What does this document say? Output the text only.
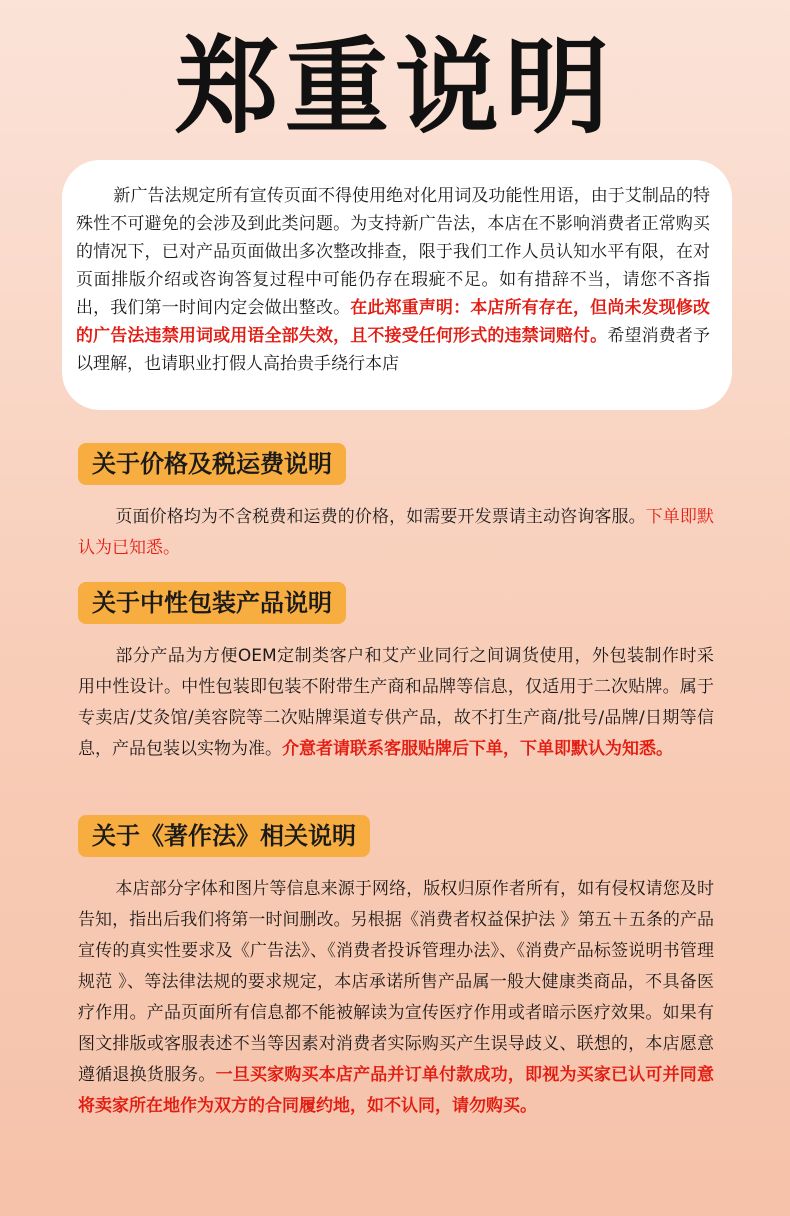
郑重说明

新广告法规定所有宣传页面不得使用绝对化用词及功能性用语，由于艾制品的特殊性不可避免的会涉及到此类问题。为支持新广告法，本店在不影响消费者正常购买的情况下，已对产品页面做出多次整改排查，限于我们工作人员认知水平有限，在对页面排版介绍或咨询答复过程中可能仍存在瑕疵不足。如有措辞不当，请您不吝指出，我们第一时间内定会做出整改。在此郑重声明：本店所有存在，但尚未发现修改的广告法违禁用词或用语全部失效，且不接受任何形式的违禁词赔付。希望消费者予以理解，也请职业打假人高抬贵手绕行本店

关于价格及税运费说明

页面价格均为不含税费和运费的价格，如需要开发票请主动咨询客服。下单即默认为已知悉。

关于中性包装产品说明

部分产品为方便OEM定制类客户和艾产业同行之间调货使用，外包装制作时采用中性设计。中性包装即包装不附带生产商和品牌等信息，仅适用于二次贴牌。属于专卖店/艾灸馆/美容院等二次贴牌渠道专供产品，故不打生产商/批号/品牌/日期等信息，产品包装以实物为准。介意者请联系客服贴牌后下单，下单即默认为知悉。

关于《著作法》相关说明

本店部分字体和图片等信息来源于网络，版权归原作者所有，如有侵权请您及时告知，指出后我们将第一时间删改。另根据《消费者权益保护法 》第五＋五条的产品宣传的真实性要求及《广告法》、《消费者投诉管理办法》、《消费产品标签说明书管理规范 》、等法律法规的要求规定，本店承诺所售产品属一般大健康类商品，不具备医疗作用。产品页面所有信息都不能被解读为宣传医疗作用或者暗示医疗效果。如果有图文排版或客服表述不当等因素对消费者实际购买产生误导歧义、联想的，本店愿意遵循退换货服务。一旦买家购买本店产品并订单付款成功，即视为买家已认可并同意将卖家所在地作为双方的合同履约地，如不认同，请勿购买。
